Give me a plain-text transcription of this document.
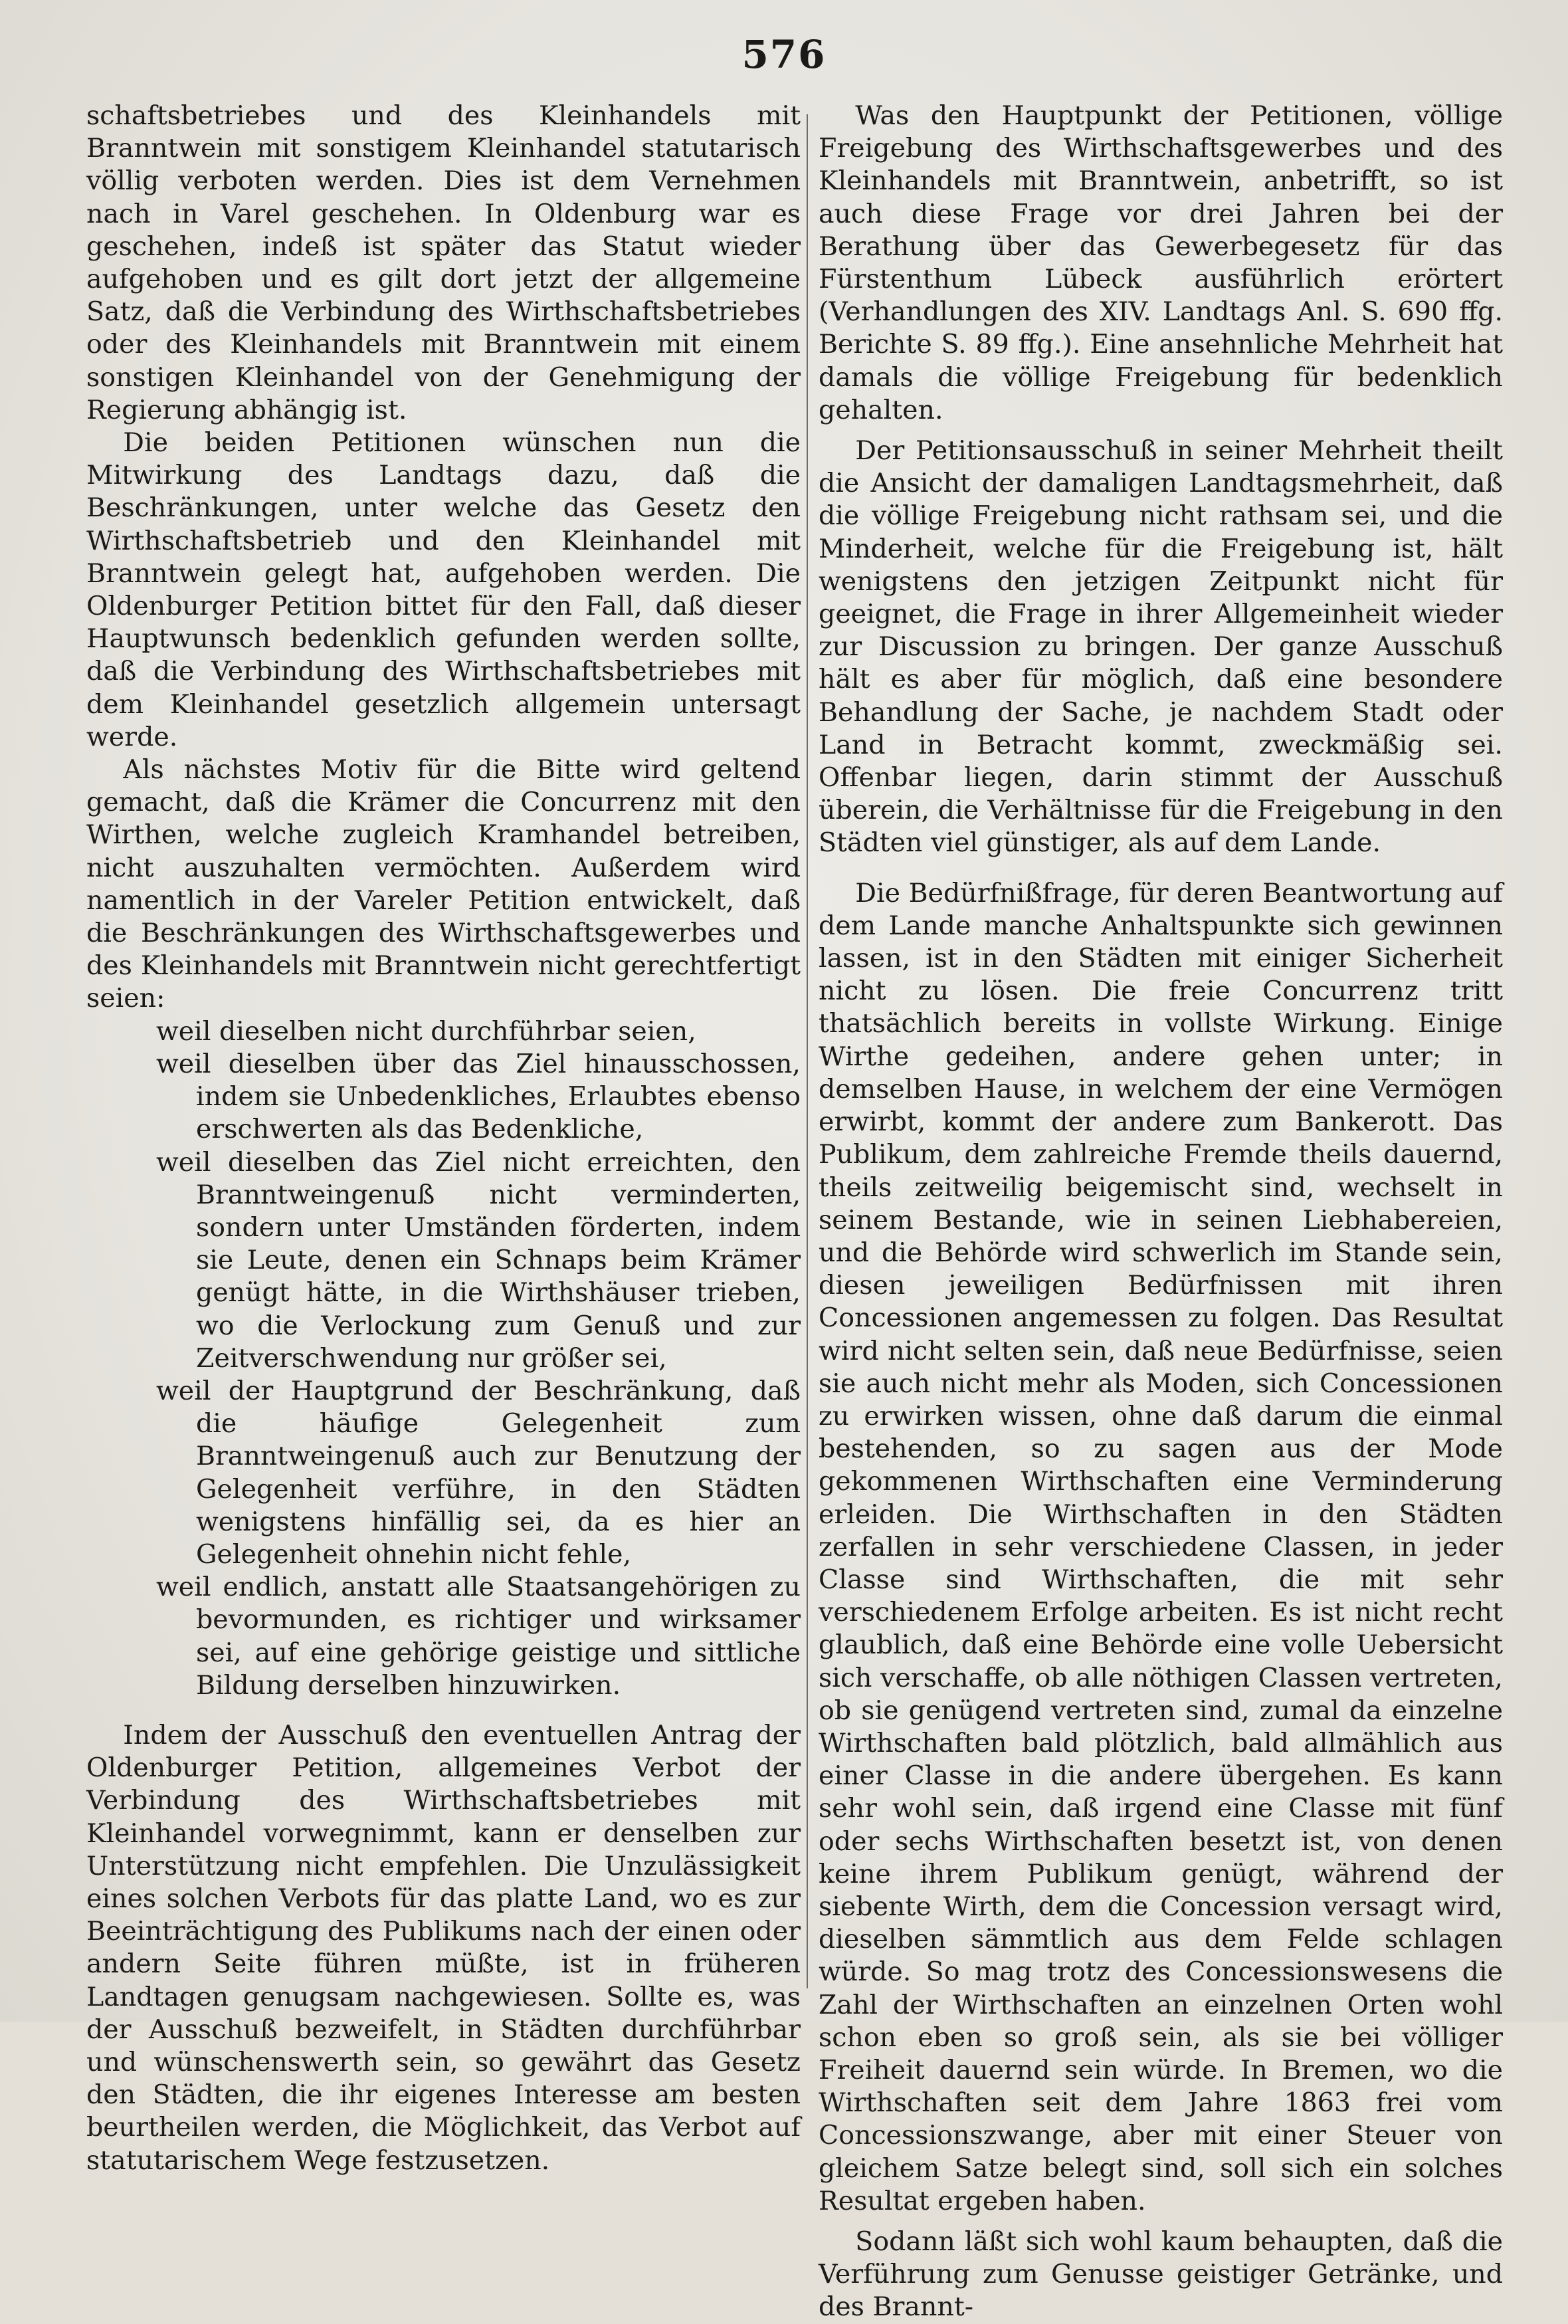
576

schaftsbetriebes und des Kleinhandels mit Branntwein mit sonstigem Kleinhandel statutarisch völlig verboten werden. Dies ist dem Vernehmen nach in Varel geschehen. In Oldenburg war es geschehen, indeß ist später das Statut wieder aufgehoben und es gilt dort jetzt der allgemeine Satz, daß die Verbindung des Wirthschaftsbetriebes oder des Kleinhandels mit Branntwein mit einem sonstigen Kleinhandel von der Genehmigung der Regierung abhängig ist.

Die beiden Petitionen wünschen nun die Mitwirkung des Landtags dazu, daß die Beschränkungen, unter welche das Gesetz den Wirthschaftsbetrieb und den Kleinhandel mit Branntwein gelegt hat, aufgehoben werden. Die Oldenburger Petition bittet für den Fall, daß dieser Hauptwunsch bedenklich gefunden werden sollte, daß die Verbindung des Wirthschaftsbetriebes mit dem Kleinhandel gesetzlich allgemein untersagt werde.

Als nächstes Motiv für die Bitte wird geltend gemacht, daß die Krämer die Concurrenz mit den Wirthen, welche zugleich Kramhandel betreiben, nicht auszuhalten vermöchten. Außerdem wird namentlich in der Vareler Petition entwickelt, daß die Beschränkungen des Wirthschaftsgewerbes und des Kleinhandels mit Branntwein nicht gerechtfertigt seien:

weil dieselben nicht durchführbar seien,
weil dieselben über das Ziel hinausschossen, indem sie Unbedenkliches, Erlaubtes ebenso erschwerten als das Bedenkliche,
weil dieselben das Ziel nicht erreichten, den Branntweingenuß nicht verminderten, sondern unter Umständen förderten, indem sie Leute, denen ein Schnaps beim Krämer genügt hätte, in die Wirthshäuser trieben, wo die Verlockung zum Genuß und zur Zeitverschwendung nur größer sei,
weil der Hauptgrund der Beschränkung, daß die häufige Gelegenheit zum Branntweingenuß auch zur Benutzung der Gelegenheit verführe, in den Städten wenigstens hinfällig sei, da es hier an Gelegenheit ohnehin nicht fehle,
weil endlich, anstatt alle Staatsangehörigen zu bevormunden, es richtiger und wirksamer sei, auf eine gehörige geistige und sittliche Bildung derselben hinzuwirken.

Indem der Ausschuß den eventuellen Antrag der Oldenburger Petition, allgemeines Verbot der Verbindung des Wirthschaftsbetriebes mit Kleinhandel vorwegnimmt, kann er denselben zur Unterstützung nicht empfehlen. Die Unzulässigkeit eines solchen Verbots für das platte Land, wo es zur Beeinträchtigung des Publikums nach der einen oder andern Seite führen müßte, ist in früheren Landtagen genugsam nachgewiesen. Sollte es, was der Ausschuß bezweifelt, in Städten durchführbar und wünschenswerth sein, so gewährt das Gesetz den Städten, die ihr eigenes Interesse am besten beurtheilen werden, die Möglichkeit, das Verbot auf statutarischem Wege festzusetzen.

Was den Hauptpunkt der Petitionen, völlige Freigebung des Wirthschaftsgewerbes und des Kleinhandels mit Branntwein, anbetrifft, so ist auch diese Frage vor drei Jahren bei der Berathung über das Gewerbegesetz für das Fürstenthum Lübeck ausführlich erörtert (Verhandlungen des XIV. Landtags Anl. S. 690 ffg. Berichte S. 89 ffg.). Eine ansehnliche Mehrheit hat damals die völlige Freigebung für bedenklich gehalten.

Der Petitionsausschuß in seiner Mehrheit theilt die Ansicht der damaligen Landtagsmehrheit, daß die völlige Freigebung nicht rathsam sei, und die Minderheit, welche für die Freigebung ist, hält wenigstens den jetzigen Zeitpunkt nicht für geeignet, die Frage in ihrer Allgemeinheit wieder zur Discussion zu bringen. Der ganze Ausschuß hält es aber für möglich, daß eine besondere Behandlung der Sache, je nachdem Stadt oder Land in Betracht kommt, zweckmäßig sei. Offenbar liegen, darin stimmt der Ausschuß überein, die Verhältnisse für die Freigebung in den Städten viel günstiger, als auf dem Lande.

Die Bedürfnißfrage, für deren Beantwortung auf dem Lande manche Anhaltspunkte sich gewinnen lassen, ist in den Städten mit einiger Sicherheit nicht zu lösen. Die freie Concurrenz tritt thatsächlich bereits in vollste Wirkung. Einige Wirthe gedeihen, andere gehen unter; in demselben Hause, in welchem der eine Vermögen erwirbt, kommt der andere zum Bankerott. Das Publikum, dem zahlreiche Fremde theils dauernd, theils zeitweilig beigemischt sind, wechselt in seinem Bestande, wie in seinen Liebhabereien, und die Behörde wird schwerlich im Stande sein, diesen jeweiligen Bedürfnissen mit ihren Concessionen angemessen zu folgen. Das Resultat wird nicht selten sein, daß neue Bedürfnisse, seien sie auch nicht mehr als Moden, sich Concessionen zu erwirken wissen, ohne daß darum die einmal bestehenden, so zu sagen aus der Mode gekommenen Wirthschaften eine Verminderung erleiden. Die Wirthschaften in den Städten zerfallen in sehr verschiedene Classen, in jeder Classe sind Wirthschaften, die mit sehr verschiedenem Erfolge arbeiten. Es ist nicht recht glaublich, daß eine Behörde eine volle Uebersicht sich verschaffe, ob alle nöthigen Classen vertreten, ob sie genügend vertreten sind, zumal da einzelne Wirthschaften bald plötzlich, bald allmählich aus einer Classe in die andere übergehen. Es kann sehr wohl sein, daß irgend eine Classe mit fünf oder sechs Wirthschaften besetzt ist, von denen keine ihrem Publikum genügt, während der siebente Wirth, dem die Concession versagt wird, dieselben sämmtlich aus dem Felde schlagen würde. So mag trotz des Concessionswesens die Zahl der Wirthschaften an einzelnen Orten wohl schon eben so groß sein, als sie bei völliger Freiheit dauernd sein würde. In Bremen, wo die Wirthschaften seit dem Jahre 1863 frei vom Concessionszwange, aber mit einer Steuer von gleichem Satze belegt sind, soll sich ein solches Resultat ergeben haben.

Sodann läßt sich wohl kaum behaupten, daß die Verführung zum Genusse geistiger Getränke, und des Brannt-
